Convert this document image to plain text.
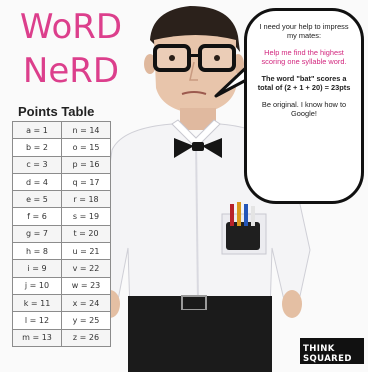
WoRD
NeRD
Points Table
a = 1	n = 14
b = 2	o = 15
c = 3	p = 16
d = 4	q = 17
e = 5	r = 18
f = 6	s = 19
g = 7	t = 20
h = 8	u = 21
i = 9	v = 22
j = 10	w = 23
k = 11	x = 24
l = 12	y = 25
m = 13	z = 26

I need your help to impress my mates:

Help me find the highest scoring one syllable word.

The word "bat" scores a total of (2 + 1 + 20) = 23pts

Be original. I know how to Google!

THINK SQUARED
